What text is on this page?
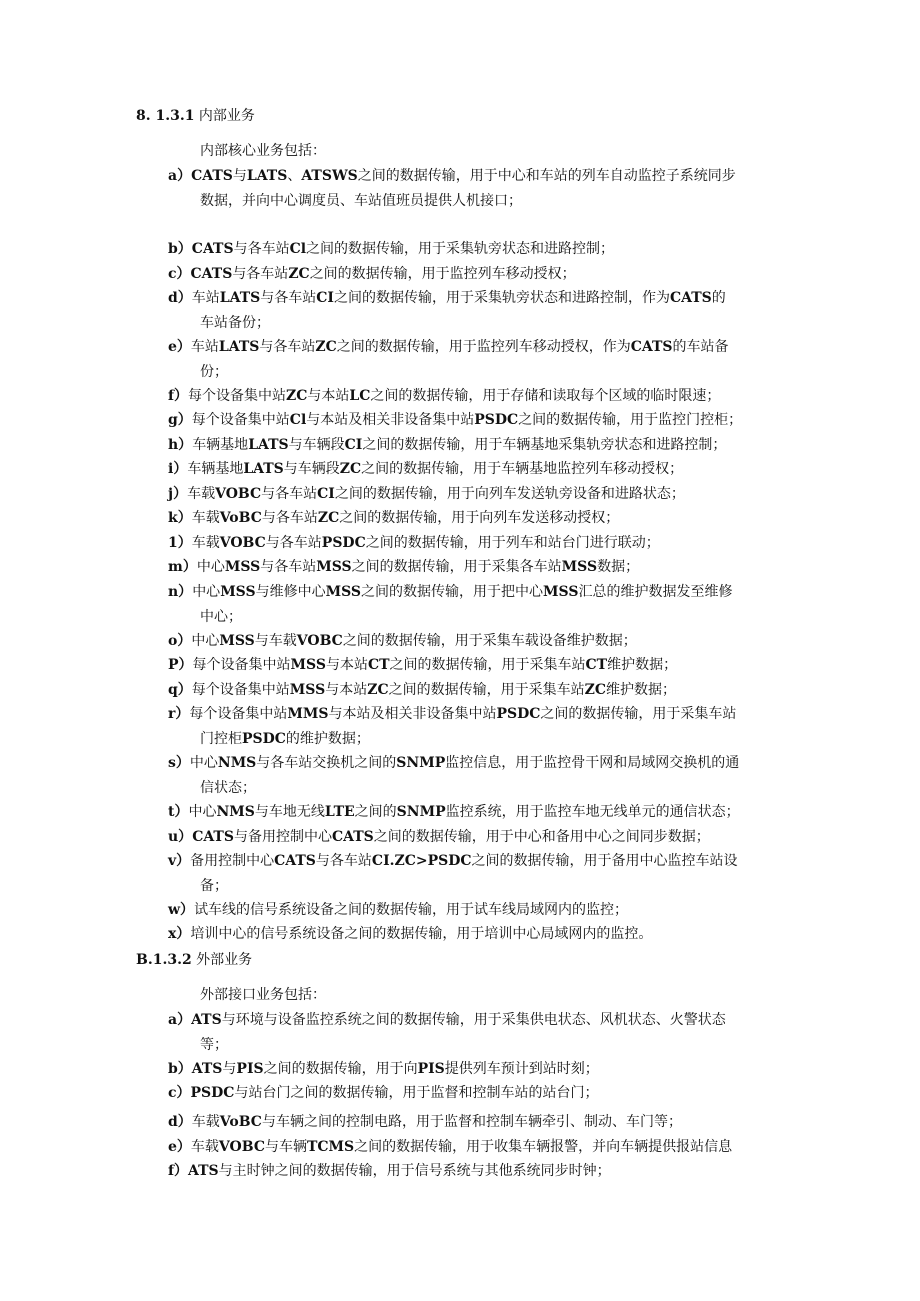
8. 1.3.1 内部业务
内部核心业务包括：
a）CATS与LATS、ATSWS之间的数据传输，用于中心和车站的列车自动监控子系统同步
数据，并向中心调度员、车站值班员提供人机接口；
b）CATS与各车站Cl之间的数据传输，用于采集轨旁状态和进路控制；
c）CATS与各车站ZC之间的数据传输，用于监控列车移动授权；
d）车站LATS与各车站CI之间的数据传输，用于采集轨旁状态和进路控制，作为CATS的
车站备份；
e）车站LATS与各车站ZC之间的数据传输，用于监控列车移动授权，作为CATS的车站备
份；
f）每个设备集中站ZC与本站LC之间的数据传输，用于存储和读取每个区域的临时限速；
g）每个设备集中站Cl与本站及相关非设备集中站PSDC之间的数据传输，用于监控门控柜；
h）车辆基地LATS与车辆段CI之间的数据传输，用于车辆基地采集轨旁状态和进路控制；
i）车辆基地LATS与车辆段ZC之间的数据传输，用于车辆基地监控列车移动授权；
j）车载VOBC与各车站CI之间的数据传输，用于向列车发送轨旁设备和进路状态；
k）车载VoBC与各车站ZC之间的数据传输，用于向列车发送移动授权；
1）车载VOBC与各车站PSDC之间的数据传输，用于列车和站台门进行联动；
m）中心MSS与各车站MSS之间的数据传输，用于采集各车站MSS数据；
n）中心MSS与维修中心MSS之间的数据传输，用于把中心MSS汇总的维护数据发至维修
中心；
o）中心MSS与车载VOBC之间的数据传输，用于采集车载设备维护数据；
P）每个设备集中站MSS与本站CT之间的数据传输，用于采集车站CT维护数据；
q）每个设备集中站MSS与本站ZC之间的数据传输，用于采集车站ZC维护数据；
r）每个设备集中站MMS与本站及相关非设备集中站PSDC之间的数据传输，用于采集车站
门控柜PSDC的维护数据；
s）中心NMS与各车站交换机之间的SNMP监控信息，用于监控骨干网和局域网交换机的通
信状态；
t）中心NMS与车地无线LTE之间的SNMP监控系统，用于监控车地无线单元的通信状态；
u）CATS与备用控制中心CATS之间的数据传输，用于中心和备用中心之间同步数据；
v）备用控制中心CATS与各车站CI.ZC>PSDC之间的数据传输，用于备用中心监控车站设
备；
w）试车线的信号系统设备之间的数据传输，用于试车线局域网内的监控；
x）培训中心的信号系统设备之间的数据传输，用于培训中心局域网内的监控。
B.1.3.2 外部业务
外部接口业务包括：
a）ATS与环境与设备监控系统之间的数据传输，用于采集供电状态、风机状态、火警状态
等；
b）ATS与PIS之间的数据传输，用于向PIS提供列车预计到站时刻；
c）PSDC与站台门之间的数据传输，用于监督和控制车站的站台门；
d）车载VoBC与车辆之间的控制电路，用于监督和控制车辆牵引、制动、车门等；
e）车载VOBC与车辆TCMS之间的数据传输，用于收集车辆报警，并向车辆提供报站信息
f）ATS与主时钟之间的数据传输，用于信号系统与其他系统同步时钟；
